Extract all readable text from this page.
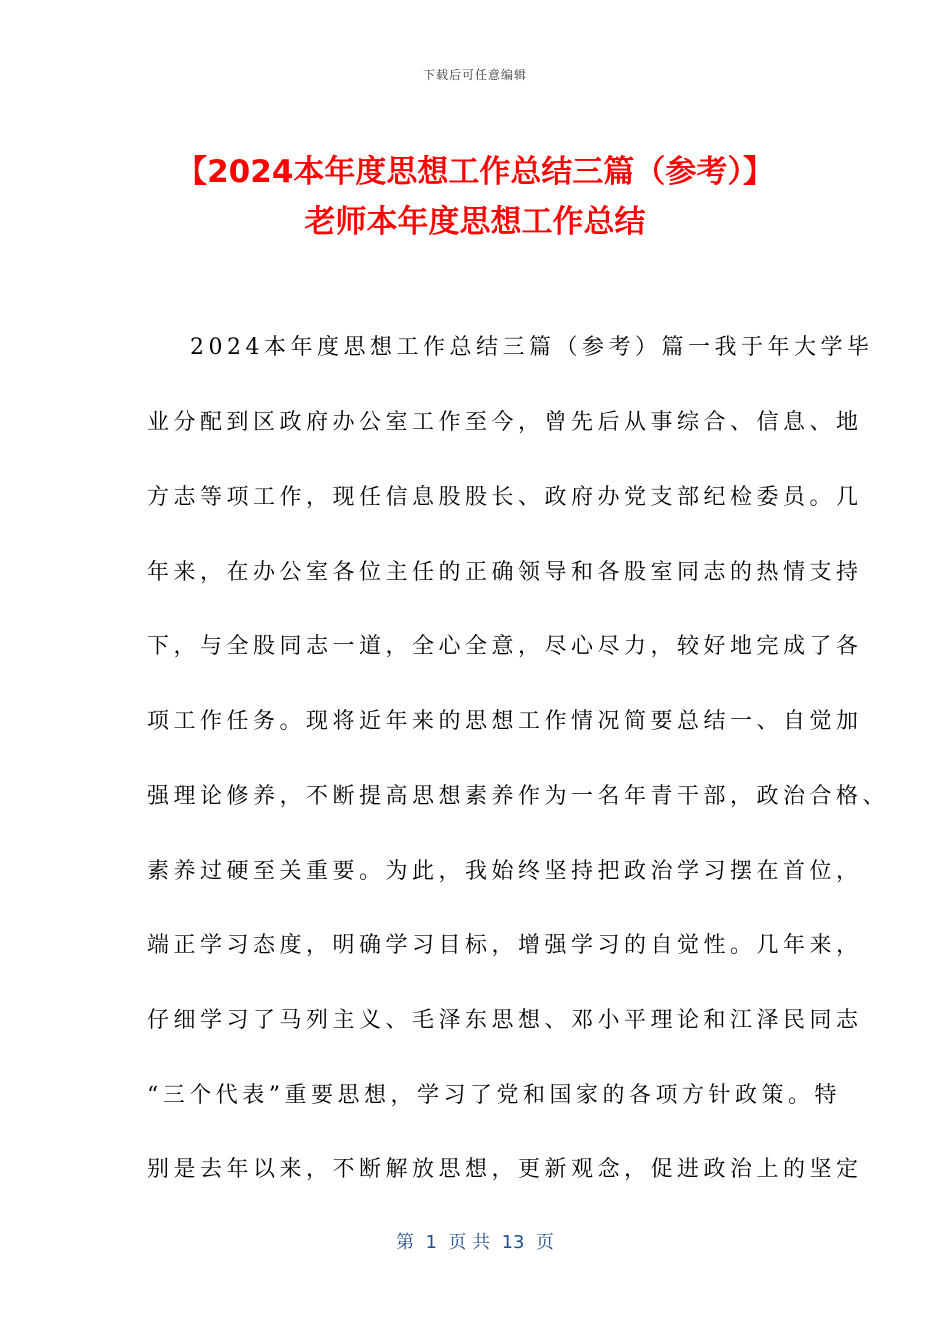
下载后可任意编辑
【2024本年度思想工作总结三篇（参考）】
老师本年度思想工作总结
2024本年度思想工作总结三篇（参考）篇一我于年大学毕
业分配到区政府办公室工作至今，曾先后从事综合、信息、地
方志等项工作，现任信息股股长、政府办党支部纪检委员。几
年来，在办公室各位主任的正确领导和各股室同志的热情支持
下，与全股同志一道，全心全意，尽心尽力，较好地完成了各
项工作任务。现将近年来的思想工作情况简要总结一、自觉加
强理论修养，不断提高思想素养作为一名年青干部，政治合格、
素养过硬至关重要。为此，我始终坚持把政治学习摆在首位，
端正学习态度，明确学习目标，增强学习的自觉性。几年来，
仔细学习了马列主义、毛泽东思想、邓小平理论和江泽民同志
“三个代表”重要思想，学习了党和国家的各项方针政策。特
别是去年以来，不断解放思想，更新观念，促进政治上的坚定
第  1  页 共  13  页
